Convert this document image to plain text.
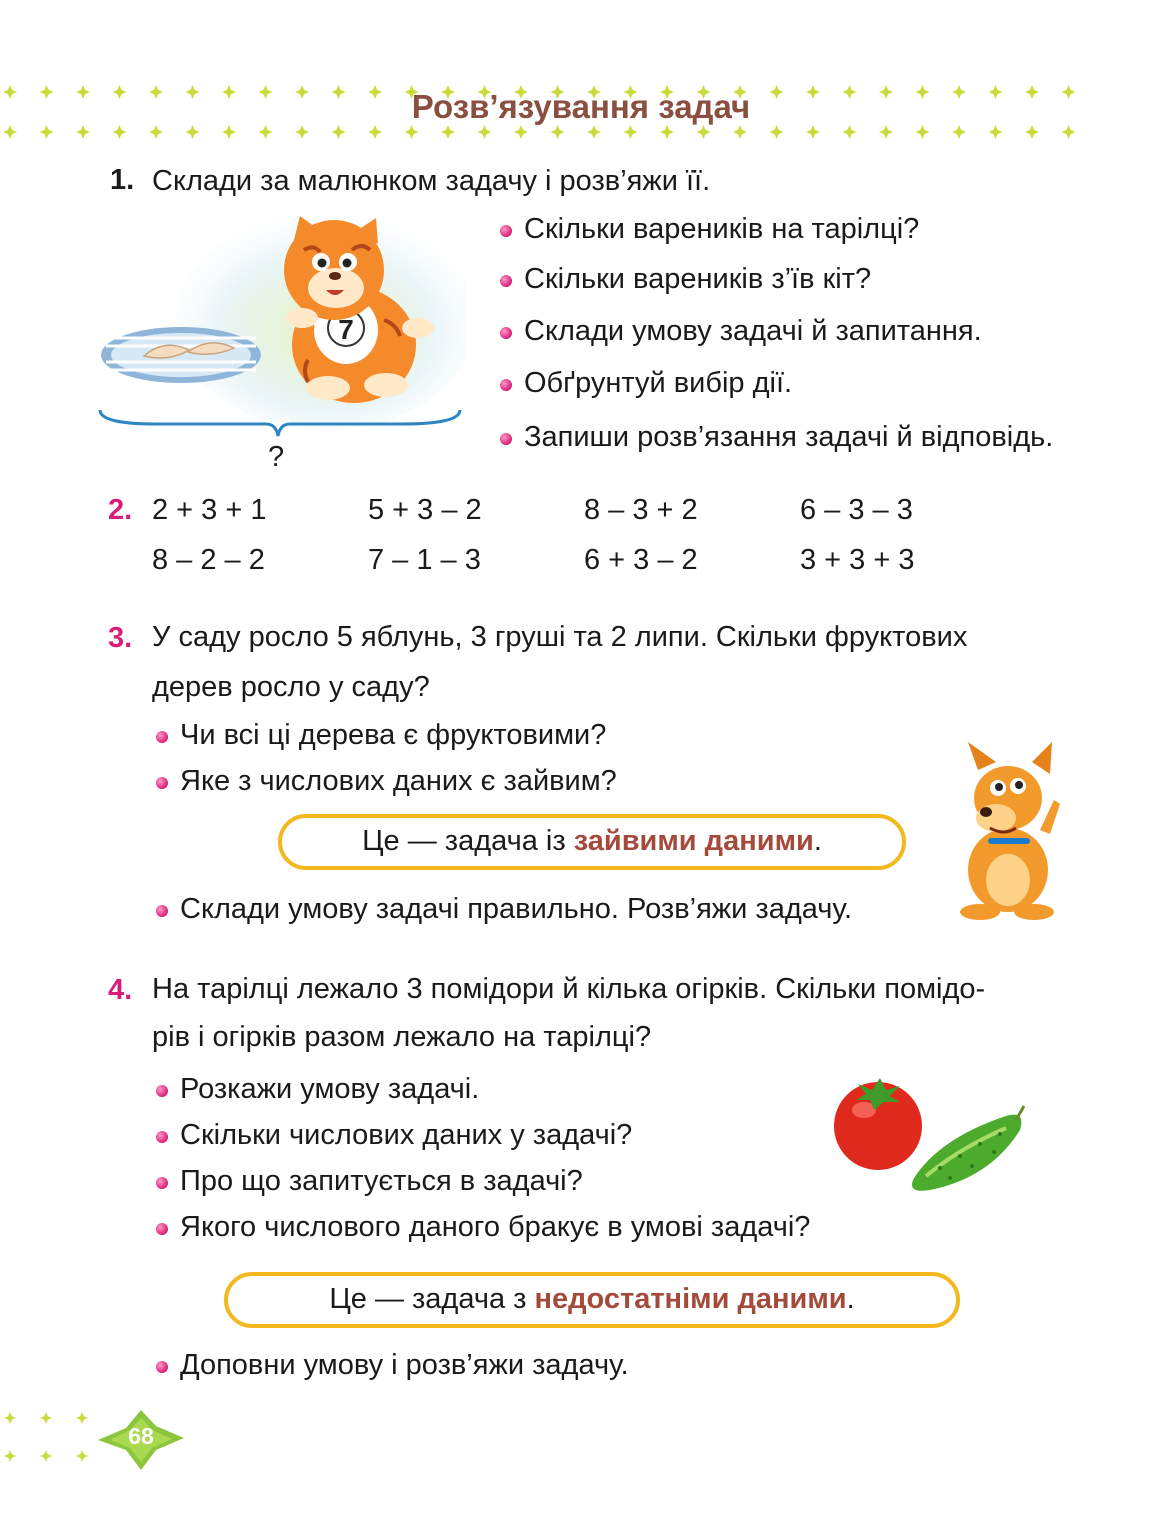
Розв’язування задач
1. Склади за малюнком задачу і розв’яжи її.
7
?
Скільки вареників на тарілці?
Скільки вареників з’їв кіт?
Склади умову задачі й запитання.
Обґрунтуй вибір дії.
Запиши розв’язання задачі й відповідь.
2. 2 + 3 + 1	5 + 3 – 2	8 – 3 + 2	6 – 3 – 3
8 – 2 – 2	7 – 1 – 3	6 + 3 – 2	3 + 3 + 3
3. У саду росло 5 яблунь, 3 груші та 2 липи. Скільки фруктових
дерев росло у саду?
Чи всі ці дерева є фруктовими?
Яке з числових даних є зайвим?
Це — задача із зайвими даними.
Склади умову задачі правильно. Розв’яжи задачу.
4. На тарілці лежало 3 помідори й кілька огірків. Скільки помідо-
рів і огірків разом лежало на тарілці?
Розкажи умову задачі.
Скільки числових даних у задачі?
Про що запитується в задачі?
Якого числового даного бракує в умові задачі?
Це — задача з недостатніми даними.
Доповни умову і розв’яжи задачу.
68
